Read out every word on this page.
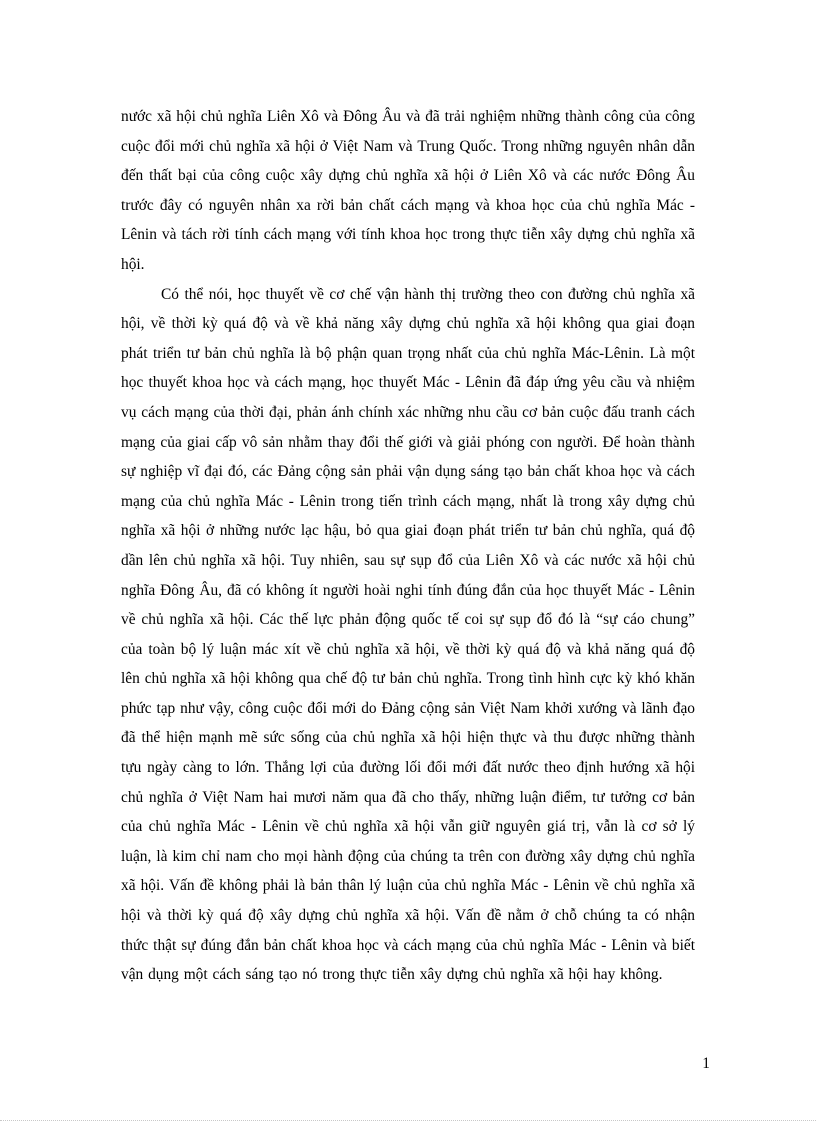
nước xã hội chủ nghĩa Liên Xô và Đông Âu và đã trải nghiệm những thành công của công cuộc đổi mới chủ nghĩa xã hội ở Việt Nam và Trung Quốc. Trong những nguyên nhân dẫn đến thất bại của công cuộc xây dựng chủ nghĩa xã hội ở Liên Xô và các nước Đông Âu trước đây có nguyên nhân xa rời bản chất cách mạng và khoa học của chủ nghĩa Mác - Lênin và tách rời tính cách mạng với tính khoa học trong thực tiễn xây dựng chủ nghĩa xã hội.

Có thể nói, học thuyết về cơ chế vận hành thị trường theo con đường chủ nghĩa xã hội, về thời kỳ quá độ và về khả năng xây dựng chủ nghĩa xã hội không qua giai đoạn phát triển tư bản chủ nghĩa là bộ phận quan trọng nhất của chủ nghĩa Mác-Lênin. Là một học thuyết khoa học và cách mạng, học thuyết Mác - Lênin đã đáp ứng yêu cầu và nhiệm vụ cách mạng của thời đại, phản ánh chính xác những nhu cầu cơ bản cuộc đấu tranh cách mạng của giai cấp vô sản nhằm thay đổi thế giới và giải phóng con người. Để hoàn thành sự nghiệp vĩ đại đó, các Đảng cộng sản phải vận dụng sáng tạo bản chất khoa học và cách mạng của chủ nghĩa Mác - Lênin trong tiến trình cách mạng, nhất là trong xây dựng chủ nghĩa xã hội ở những nước lạc hậu, bỏ qua giai đoạn phát triển tư bản chủ nghĩa, quá độ dần lên chủ nghĩa xã hội. Tuy nhiên, sau sự sụp đổ của Liên Xô và các nước xã hội chủ nghĩa Đông Âu, đã có không ít người hoài nghi tính đúng đắn của học thuyết Mác - Lênin về chủ nghĩa xã hội. Các thế lực phản động quốc tế coi sự sụp đổ đó là “sự cáo chung” của toàn bộ lý luận mác xít về chủ nghĩa xã hội, về thời kỳ quá độ và khả năng quá độ lên chủ nghĩa xã hội không qua chế độ tư bản chủ nghĩa. Trong tình hình cực kỳ khó khăn phức tạp như vậy, công cuộc đổi mới do Đảng cộng sản Việt Nam khởi xướng và lãnh đạo đã thể hiện mạnh mẽ sức sống của chủ nghĩa xã hội hiện thực và thu được những thành tựu ngày càng to lớn. Thắng lợi của đường lối đổi mới đất nước theo định hướng xã hội chủ nghĩa ở Việt Nam hai mươi năm qua đã cho thấy, những luận điểm, tư tưởng cơ bản của chủ nghĩa Mác - Lênin về chủ nghĩa xã hội vẫn giữ nguyên giá trị, vẫn là cơ sở lý luận, là kim chỉ nam cho mọi hành động của chúng ta trên con đường xây dựng chủ nghĩa xã hội. Vấn đề không phải là bản thân lý luận của chủ nghĩa Mác - Lênin về chủ nghĩa xã hội và thời kỳ quá độ xây dựng chủ nghĩa xã hội. Vấn đề nằm ở chỗ chúng ta có nhận thức thật sự đúng đắn bản chất khoa học và cách mạng của chủ nghĩa Mác - Lênin và biết vận dụng một cách sáng tạo nó trong thực tiễn xây dựng chủ nghĩa xã hội hay không.

1
